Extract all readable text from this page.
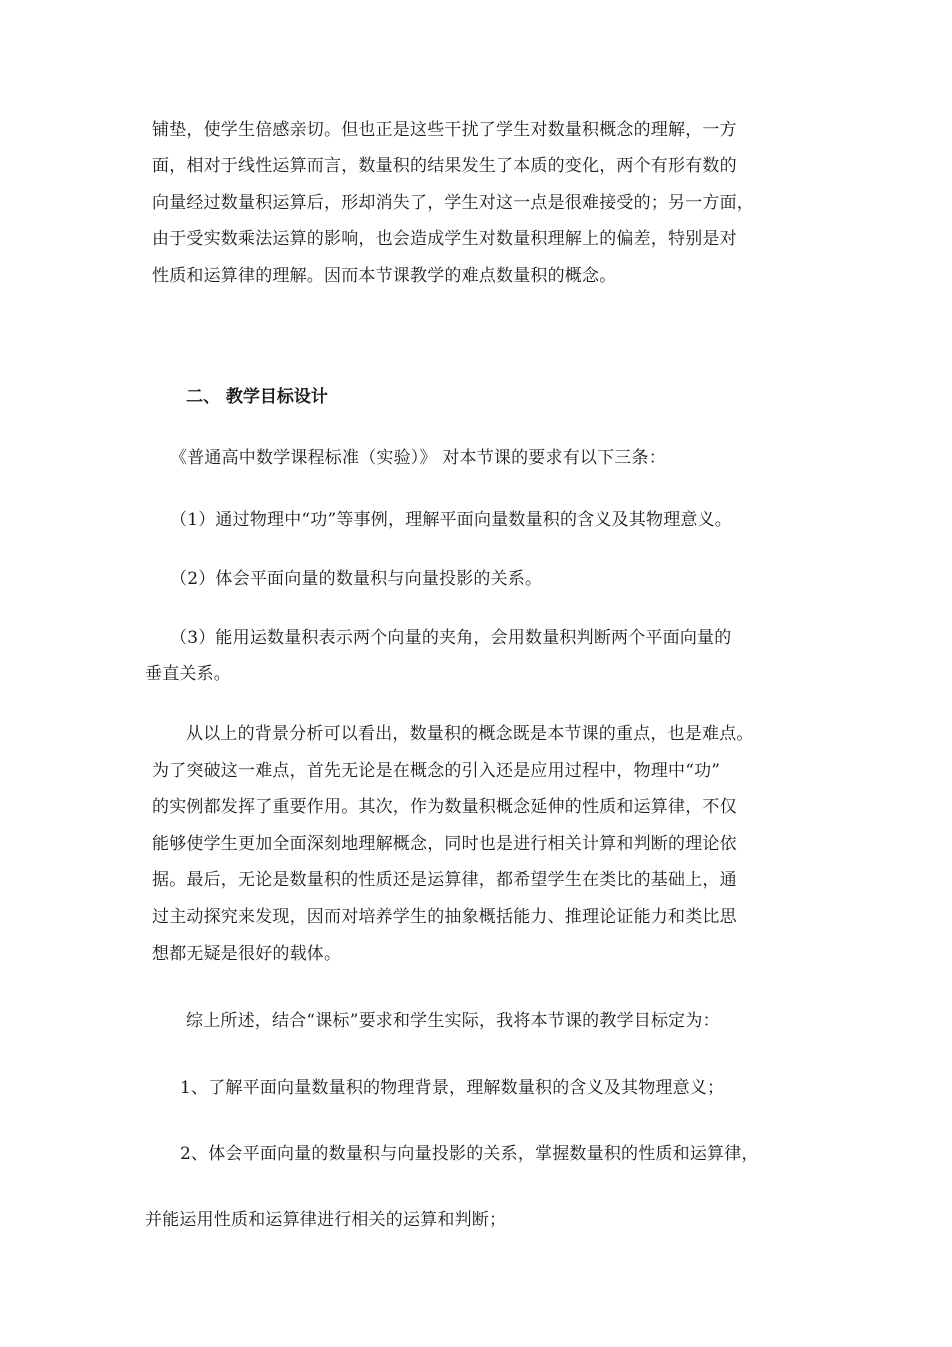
铺垫，使学生倍感亲切。但也正是这些干扰了学生对数量积概念的理解，一方
面，相对于线性运算而言，数量积的结果发生了本质的变化，两个有形有数的
向量经过数量积运算后，形却消失了，学生对这一点是很难接受的；另一方面，
由于受实数乘法运算的影响，也会造成学生对数量积理解上的偏差，特别是对
性质和运算律的理解。因而本节课教学的难点数量积的概念。
二、 教学目标设计
《普通高中数学课程标准（实验）》 对本节课的要求有以下三条：
（1）通过物理中“功”等事例，理解平面向量数量积的含义及其物理意义。
（2）体会平面向量的数量积与向量投影的关系。
（3）能用运数量积表示两个向量的夹角，会用数量积判断两个平面向量的
垂直关系。
从以上的背景分析可以看出，数量积的概念既是本节课的重点，也是难点。
为了突破这一难点，首先无论是在概念的引入还是应用过程中，物理中“功”
的实例都发挥了重要作用。其次，作为数量积概念延伸的性质和运算律，不仅
能够使学生更加全面深刻地理解概念，同时也是进行相关计算和判断的理论依
据。最后，无论是数量积的性质还是运算律，都希望学生在类比的基础上，通
过主动探究来发现，因而对培养学生的抽象概括能力、推理论证能力和类比思
想都无疑是很好的载体。
综上所述，结合“课标”要求和学生实际，我将本节课的教学目标定为：
1、了解平面向量数量积的物理背景，理解数量积的含义及其物理意义；
2、体会平面向量的数量积与向量投影的关系，掌握数量积的性质和运算律，
并能运用性质和运算律进行相关的运算和判断；
